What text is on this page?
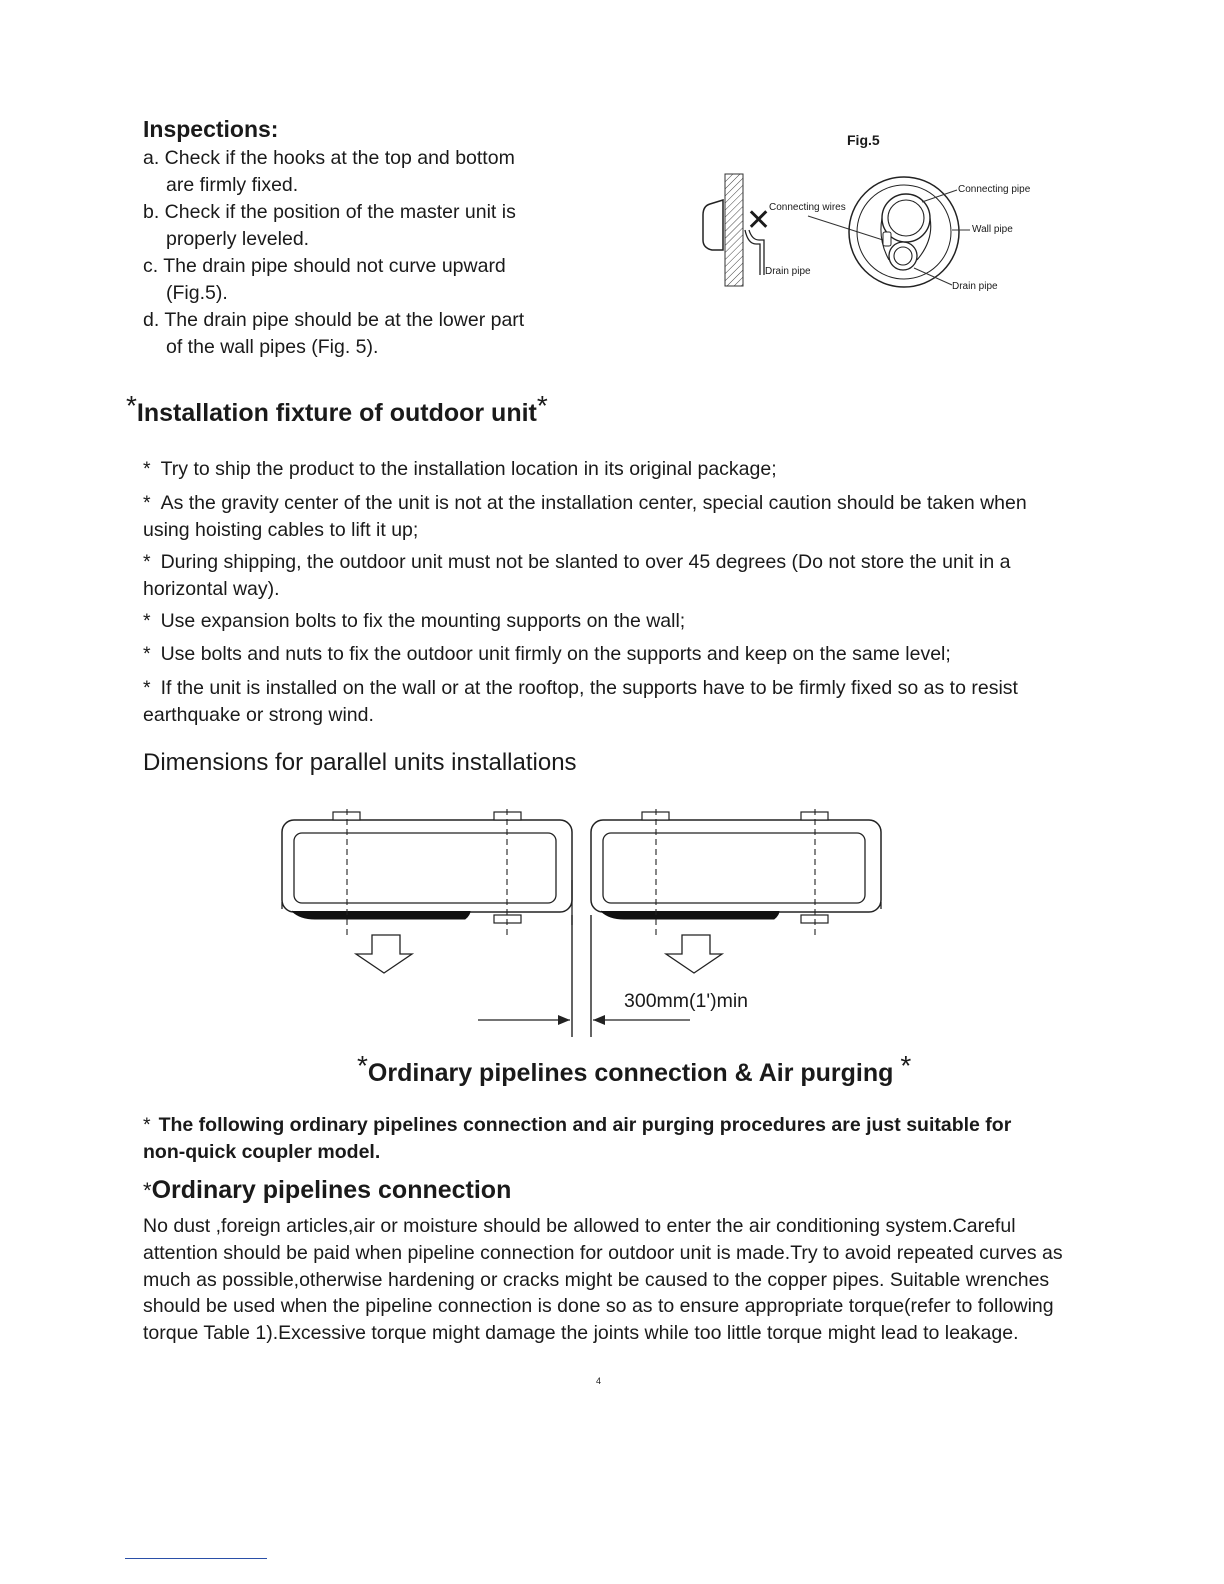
Inspections:
a. Check if the hooks at the top and bottom
are firmly fixed.
b. Check if the position of the master unit is
properly leveled.
c. The drain pipe should not curve upward
(Fig.5).
d. The drain pipe should be at the lower part
of the wall pipes (Fig. 5).
Fig.5
✕
Connecting wires
Drain pipe
Connecting pipe
Wall pipe
Drain pipe
*Installation fixture of outdoor unit*
* Try to ship the product to the installation location in its original package;
* As the gravity center of the unit is not at the installation center, special caution should be taken when using hoisting cables to lift it up;
* During shipping, the outdoor unit must not be slanted to over 45 degrees (Do not store the unit in a horizontal way).
* Use expansion bolts to fix the mounting supports on the wall;
* Use bolts and nuts to fix the outdoor unit firmly on the supports and keep on the same level;
* If the unit is installed on the wall or at the rooftop, the supports have to be firmly fixed so as to resist earthquake or strong wind.
Dimensions for parallel units installations
300mm(1')min
*Ordinary pipelines connection & Air purging *
* The following ordinary pipelines connection and air purging procedures are just suitable for non-quick coupler model.
*Ordinary pipelines connection
No dust ,foreign articles,air or moisture should be allowed to enter the air conditioning system.Careful attention should be paid when pipeline connection for outdoor unit is made.Try to avoid repeated curves as much as possible,otherwise hardening or cracks might be caused to the copper pipes. Suitable wrenches should be used when the pipeline connection is done so as to ensure appropriate torque(refer to following torque Table 1).Excessive torque might damage the joints while too little torque might lead to leakage.
4
